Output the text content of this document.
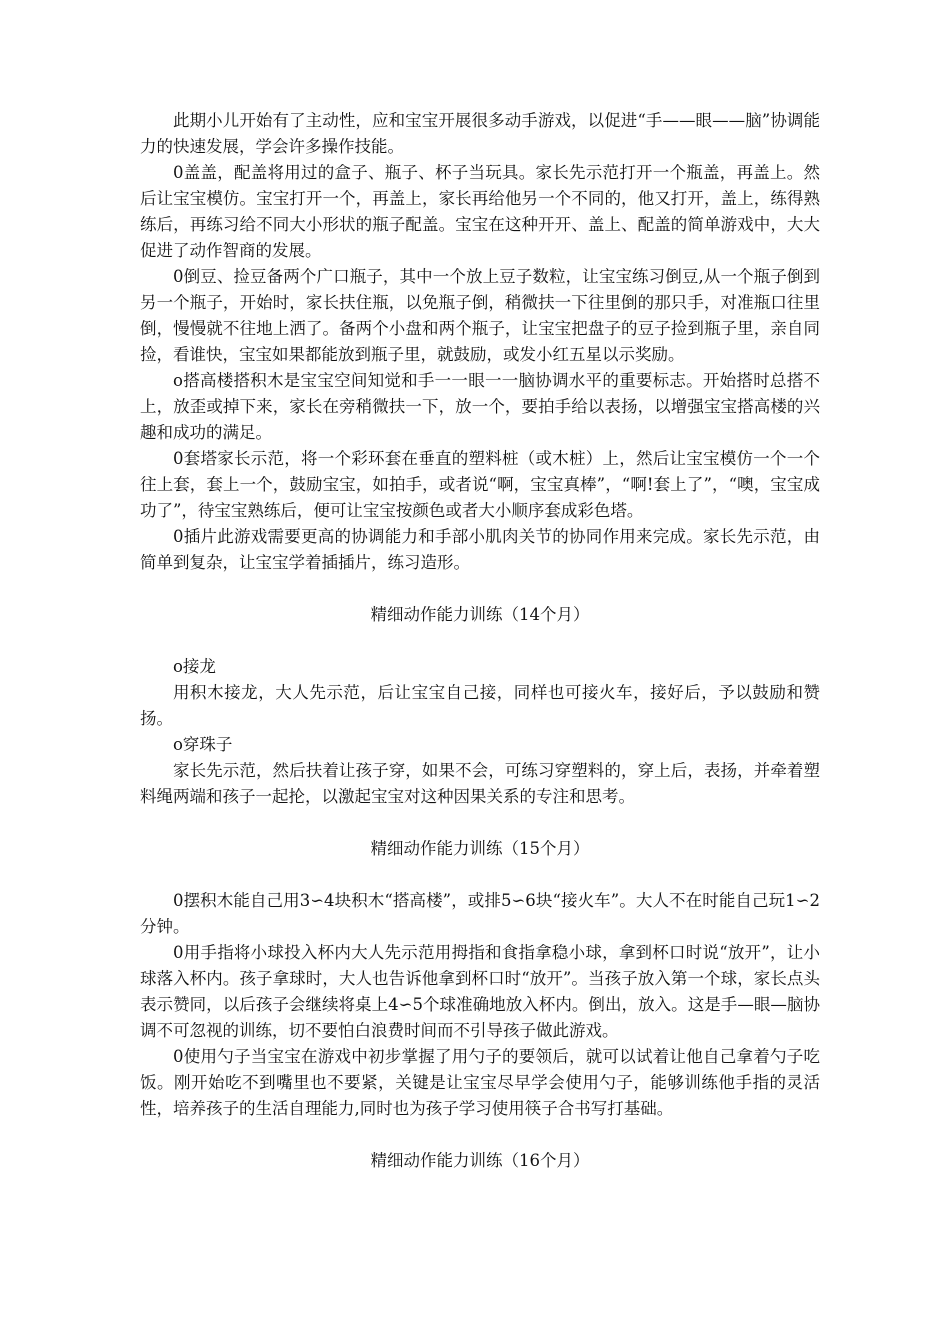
此期小儿开始有了主动性，应和宝宝开展很多动手游戏，以促进“手——眼——脑”协调能力的快速发展，学会许多操作技能。

0盖盖，配盖将用过的盒子、瓶子、杯子当玩具。家长先示范打开一个瓶盖，再盖上。然后让宝宝模仿。宝宝打开一个，再盖上，家长再给他另一个不同的，他又打开，盖上，练得熟练后，再练习给不同大小形状的瓶子配盖。宝宝在这种开开、盖上、配盖的简单游戏中，大大促进了动作智商的发展。

0倒豆、捡豆备两个广口瓶子，其中一个放上豆子数粒，让宝宝练习倒豆,从一个瓶子倒到另一个瓶子，开始时，家长扶住瓶，以免瓶子倒，稍微扶一下往里倒的那只手，对准瓶口往里倒，慢慢就不往地上洒了。备两个小盘和两个瓶子，让宝宝把盘子的豆子捡到瓶子里，亲自同捡，看谁快，宝宝如果都能放到瓶子里，就鼓励，或发小红五星以示奖励。

o搭高楼搭积木是宝宝空间知觉和手一一眼一一脑协调水平的重要标志。开始搭时总搭不上，放歪或掉下来，家长在旁稍微扶一下，放一个，要拍手给以表扬，以增强宝宝搭高楼的兴趣和成功的满足。

0套塔家长示范，将一个彩环套在垂直的塑料桩（或木桩）上，然后让宝宝模仿一个一个往上套，套上一个，鼓励宝宝，如拍手，或者说“啊，宝宝真棒”，“啊!套上了”，“噢，宝宝成功了”，待宝宝熟练后，便可让宝宝按颜色或者大小顺序套成彩色塔。

0插片此游戏需要更高的协调能力和手部小肌肉关节的协同作用来完成。家长先示范，由简单到复杂，让宝宝学着插插片，练习造形。

精细动作能力训练（14个月）

o接龙

用积木接龙，大人先示范，后让宝宝自己接，同样也可接火车，接好后，予以鼓励和赞扬。

o穿珠子

家长先示范，然后扶着让孩子穿，如果不会，可练习穿塑料的，穿上后，表扬，并牵着塑料绳两端和孩子一起抡，以激起宝宝对这种因果关系的专注和思考。

精细动作能力训练（15个月）

0摆积木能自己用3∽4块积木“搭高楼”，或排5∽6块“接火车”。大人不在时能自己玩1∽2分钟。

0用手指将小球投入杯内大人先示范用拇指和食指拿稳小球，拿到杯口时说“放开”，让小球落入杯内。孩子拿球时，大人也告诉他拿到杯口时“放开”。当孩子放入第一个球，家长点头表示赞同，以后孩子会继续将桌上4∽5个球准确地放入杯内。倒出，放入。这是手—眼—脑协调不可忽视的训练，切不要怕白浪费时间而不引导孩子做此游戏。

0使用勺子当宝宝在游戏中初步掌握了用勺子的要领后，就可以试着让他自己拿着勺子吃饭。刚开始吃不到嘴里也不要紧，关键是让宝宝尽早学会使用勺子，能够训练他手指的灵活性，培养孩子的生活自理能力,同时也为孩子学习使用筷子合书写打基础。

精细动作能力训练（16个月）
